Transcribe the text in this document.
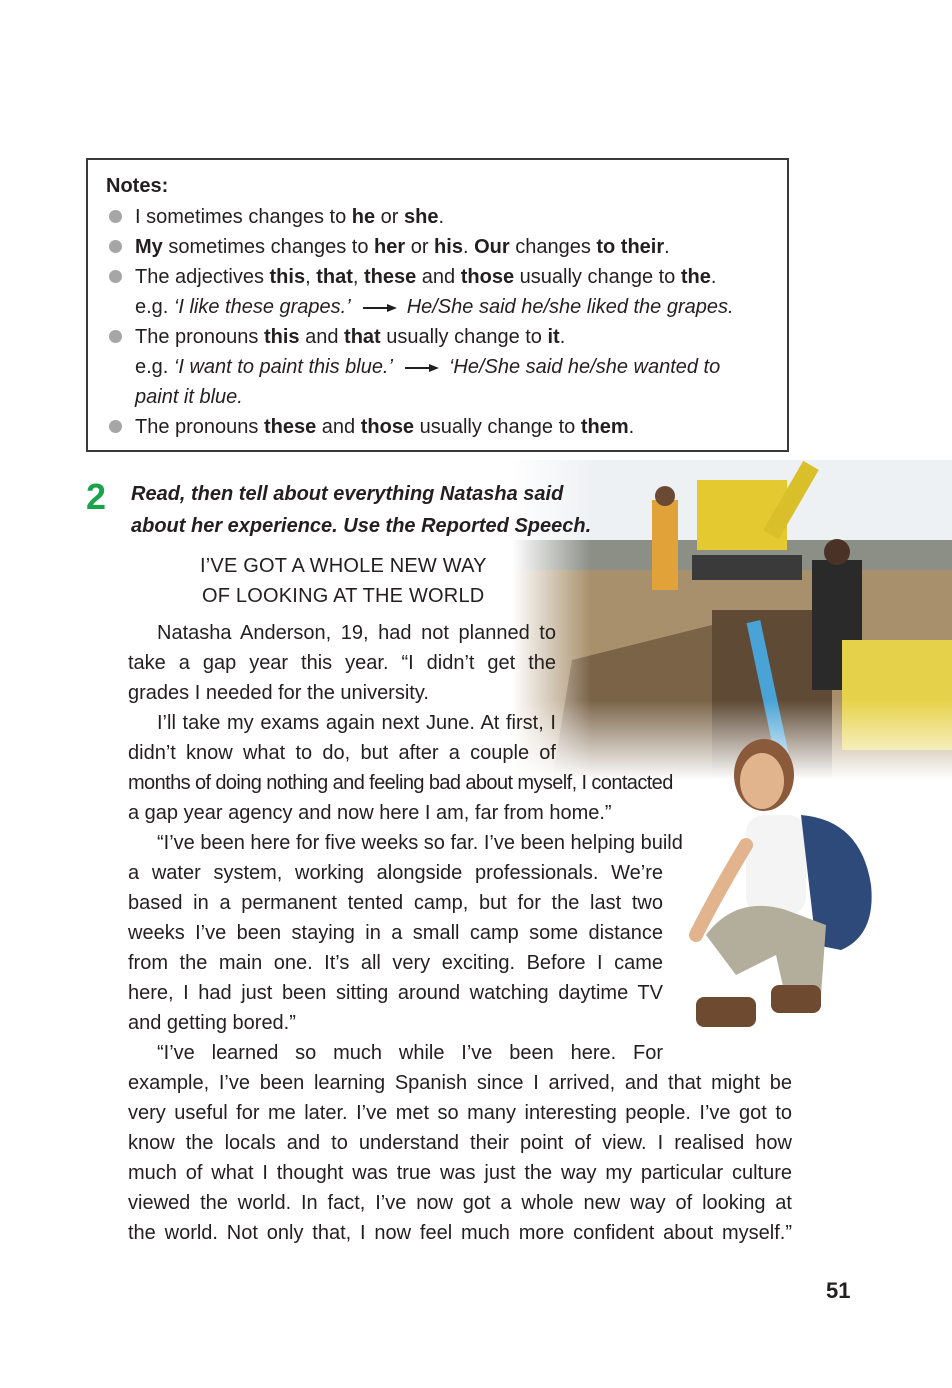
Notes:
I sometimes changes to he or she.
My sometimes changes to her or his. Our changes to their.
The adjectives this, that, these and those usually change to the.
e.g. ‘I like these grapes.’	He/She said he/she liked the grapes.
The pronouns this and that usually change to it.
e.g. ‘I want to paint this blue.’	‘He/She said he/she wanted to
paint it blue.
The pronouns these and those usually change to them.
2 Read, then tell about everything Natasha said
about her experience. Use the Reported Speech.
I’VE GOT A WHOLE NEW WAY
OF LOOKING AT THE WORLD
Natasha Anderson, 19, had not planned to
take a gap year this year. “I didn’t get the
grades I needed for the university.
I’ll take my exams again next June. At first, I
didn’t know what to do, but after a couple of
months of doing nothing and feeling bad about myself, I contacted
a gap year agency and now here I am, far from home.”
“I’ve been here for five weeks so far. I’ve been helping build
a water system, working alongside professionals. We’re
based in a permanent tented camp, but for the last two
weeks I’ve been staying in a small camp some distance
from the main one. It’s all very exciting. Before I came
here, I had just been sitting around watching daytime TV
and getting bored.”
“I’ve learned so much while I’ve been here. For
example, I’ve been learning Spanish since I arrived, and that might be
very useful for me later. I’ve met so many interesting people. I’ve got to
know the locals and to understand their point of view. I realised how
much of what I thought was true was just the way my particular culture
viewed the world. In fact, I’ve now got a whole new way of looking at
the world. Not only that, I now feel much more confident about myself.”
51
